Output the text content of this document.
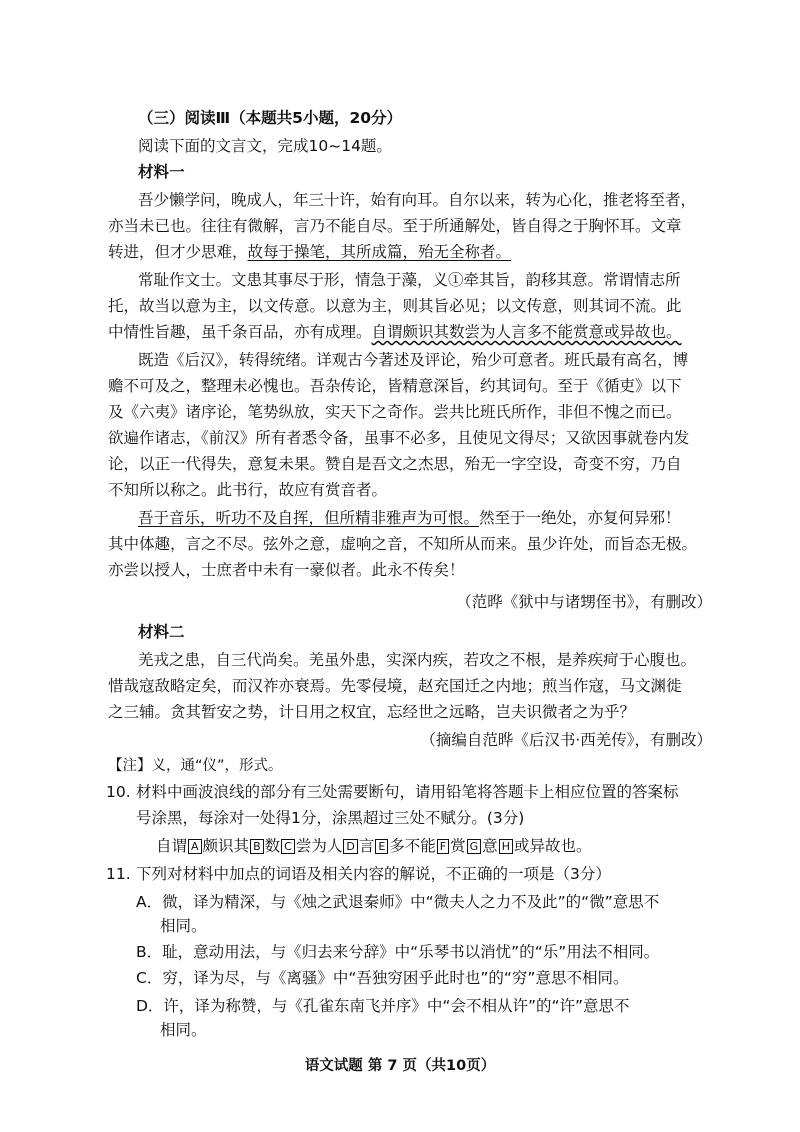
（三）阅读Ⅲ（本题共5小题，20分）
阅读下面的文言文，完成10~14题。
材料一
吾少懒学问，晚成人，年三十许，始有向耳。自尔以来，转为心化，推老将至者，
亦当未已也。往往有微解，言乃不能自尽。至于所通解处，皆自得之于胸怀耳。文章
转进，但才少思难，故每于操笔，其所成篇，殆无全称者。
常耻作文士。文患其事尽于形，情急于藻，义①牵其旨，韵移其意。常谓情志所
托，故当以意为主，以文传意。以意为主，则其旨必见；以文传意，则其词不流。此
中情性旨趣，虽千条百品，亦有成理。自谓颇识其数尝为人言多不能赏意或异故也。
既造《后汉》，转得统绪。详观古今著述及评论，殆少可意者。班氏最有高名，博
赡不可及之，整理未必愧也。吾杂传论，皆精意深旨，约其词句。至于《循吏》以下
及《六夷》诸序论，笔势纵放，实天下之奇作。尝共比班氏所作，非但不愧之而已。
欲遍作诸志，《前汉》所有者悉令备，虽事不必多，且使见文得尽；又欲因事就卷内发
论，以正一代得失，意复未果。赞自是吾文之杰思，殆无一字空设，奇变不穷，乃自
不知所以称之。此书行，故应有赏音者。
吾于音乐，听功不及自挥，但所精非雅声为可恨。然至于一绝处，亦复何异邪！
其中体趣，言之不尽。弦外之意，虚响之音，不知所从而来。虽少许处，而旨态无极。
亦尝以授人，士庶者中未有一豪似者。此永不传矣！
（范晔《狱中与诸甥侄书》，有删改）
材料二
羌戎之患，自三代尚矣。羌虽外患，实深内疾，若攻之不根，是养疾疴于心腹也。
惜哉寇敌略定矣，而汉祚亦衰焉。先零侵境，赵充国迁之内地；煎当作寇，马文渊徙
之三辅。贪其暂安之势，计日用之权宜，忘经世之远略，岂夫识微者之为乎？
（摘编自范晔《后汉书·西羌传》，有删改）
【注】义，通“仪”，形式。
10. 材料中画波浪线的部分有三处需要断句，请用铅笔将答题卡上相应位置的答案标
号涂黑，每涂对一处得1分，涂黑超过三处不赋分。(3分)
自谓 A 颇识其 B 数 C 尝为人 D 言 E 多不能 F 赏 G 意 H 或异故也。
11. 下列对材料中加点的词语及相关内容的解说，不正确的一项是（3分）
A．微，译为精深，与《烛之武退秦师》中“微夫人之力不及此”的“微”意思不
相同。
B．耻，意动用法，与《归去来兮辞》中“乐琴书以消忧”的“乐”用法不相同。
C．穷，译为尽，与《离骚》中“吾独穷困乎此时也”的“穷”意思不相同。
D．许，译为称赞，与《孔雀东南飞并序》中“会不相从许”的“许”意思不
相同。
语文试题 第 7 页（共10页）
